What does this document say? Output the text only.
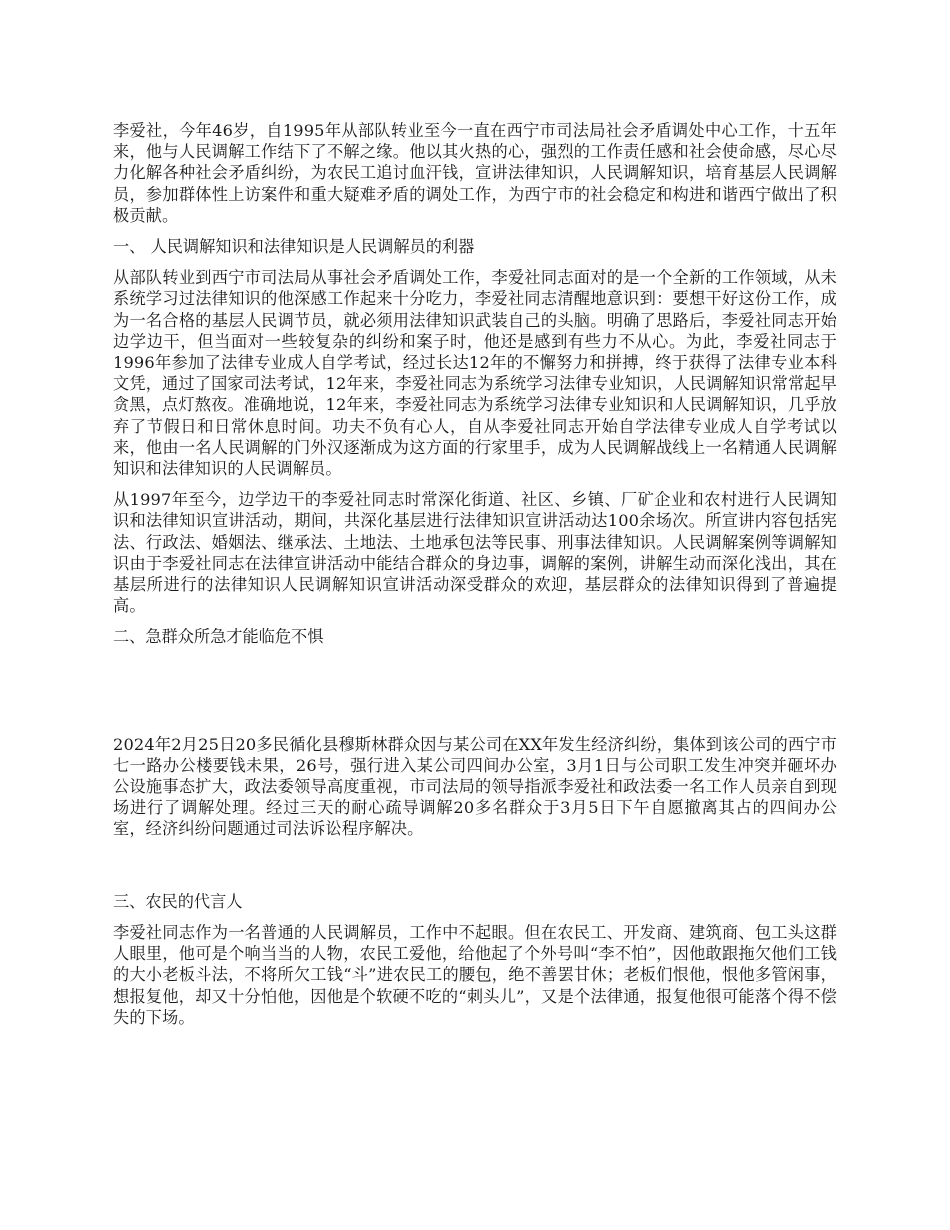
李爱社，今年46岁，自1995年从部队转业至今一直在西宁市司法局社会矛盾调处中心工作，十五年来，他与人民调解工作结下了不解之缘。他以其火热的心，强烈的工作责任感和社会使命感，尽心尽力化解各种社会矛盾纠纷，为农民工追讨血汗钱，宣讲法律知识，人民调解知识，培育基层人民调解员，参加群体性上访案件和重大疑难矛盾的调处工作，为西宁市的社会稳定和构进和谐西宁做出了积极贡献。

一、 人民调解知识和法律知识是人民调解员的利器

从部队转业到西宁市司法局从事社会矛盾调处工作，李爱社同志面对的是一个全新的工作领域，从未系统学习过法律知识的他深感工作起来十分吃力，李爱社同志清醒地意识到：要想干好这份工作，成为一名合格的基层人民调节员，就必须用法律知识武装自己的头脑。明确了思路后，李爱社同志开始边学边干，但当面对一些较复杂的纠纷和案子时，他还是感到有些力不从心。为此，李爱社同志于1996年参加了法律专业成人自学考试，经过长达12年的不懈努力和拼搏，终于获得了法律专业本科文凭，通过了国家司法考试，12年来，李爱社同志为系统学习法律专业知识，人民调解知识常常起早贪黑，点灯熬夜。准确地说，12年来，李爱社同志为系统学习法律专业知识和人民调解知识，几乎放弃了节假日和日常休息时间。功夫不负有心人，自从李爱社同志开始自学法律专业成人自学考试以来，他由一名人民调解的门外汉逐渐成为这方面的行家里手，成为人民调解战线上一名精通人民调解知识和法律知识的人民调解员。

从1997年至今，边学边干的李爱社同志时常深化街道、社区、乡镇、厂矿企业和农村进行人民调知识和法律知识宣讲活动，期间，共深化基层进行法律知识宣讲活动达100余场次。所宣讲内容包括宪法、行政法、婚姻法、继承法、土地法、土地承包法等民事、刑事法律知识。人民调解案例等调解知识由于李爱社同志在法律宣讲活动中能结合群众的身边事，调解的案例，讲解生动而深化浅出，其在基层所进行的法律知识人民调解知识宣讲活动深受群众的欢迎，基层群众的法律知识得到了普遍提高。

二、急群众所急才能临危不惧

2024年2月25日20多民循化县穆斯林群众因与某公司在XX年发生经济纠纷，集体到该公司的西宁市七一路办公楼要钱未果，26号，强行进入某公司四间办公室，3月1日与公司职工发生冲突并砸坏办公设施事态扩大，政法委领导高度重视，市司法局的领导指派李爱社和政法委一名工作人员亲自到现场进行了调解处理。经过三天的耐心疏导调解20多名群众于3月5日下午自愿撤离其占的四间办公室，经济纠纷问题通过司法诉讼程序解决。

三、农民的代言人

李爱社同志作为一名普通的人民调解员，工作中不起眼。但在农民工、开发商、建筑商、包工头这群人眼里，他可是个响当当的人物，农民工爱他，给他起了个外号叫“李不怕”，因他敢跟拖欠他们工钱的大小老板斗法，不将所欠工钱“斗”进农民工的腰包，绝不善罢甘休；老板们恨他，恨他多管闲事，想报复他，却又十分怕他，因他是个软硬不吃的“刺头儿”，又是个法律通，报复他很可能落个得不偿失的下场。
